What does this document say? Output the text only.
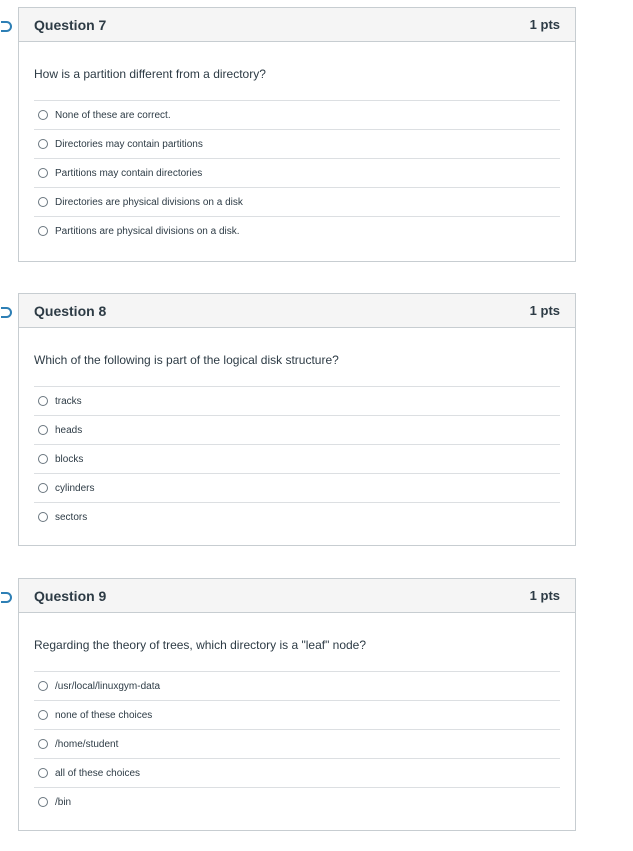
Question 7	1 pts

How is a partition different from a directory?

None of these are correct.
Directories may contain partitions
Partitions may contain directories
Directories are physical divisions on a disk
Partitions are physical divisions on a disk.
Question 8	1 pts

Which of the following is part of the logical disk structure?

tracks
heads
blocks
cylinders
sectors
Question 9	1 pts

Regarding the theory of trees, which directory is a "leaf" node?

/usr/local/linuxgym-data
none of these choices
/home/student
all of these choices
/bin
